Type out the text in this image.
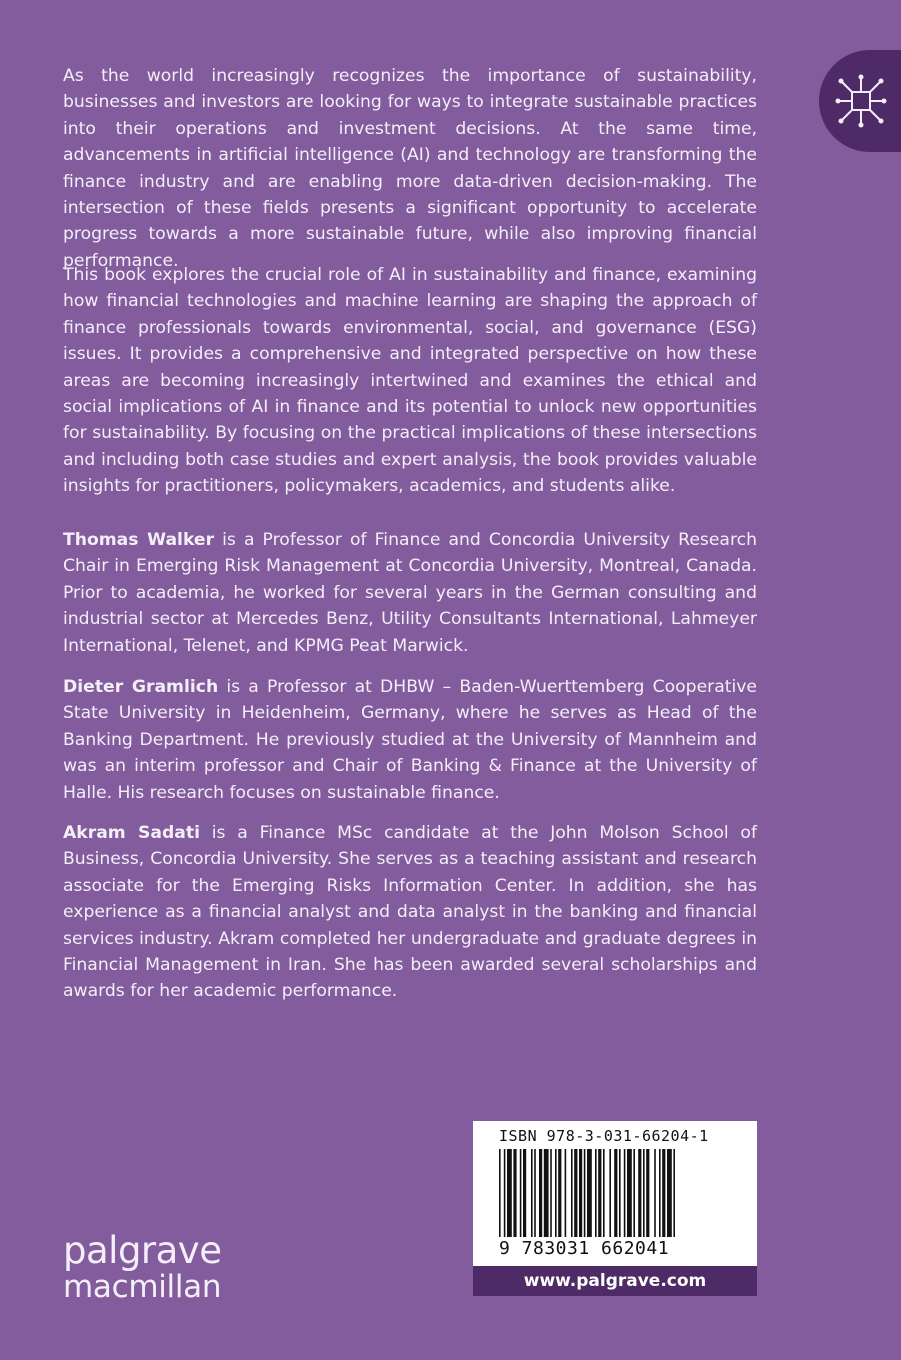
As the world increasingly recognizes the importance of sustainability, businesses and investors are looking for ways to integrate sustainable practices into their operations and investment decisions. At the same time, advancements in artificial intelligence (AI) and technology are transforming the finance industry and are enabling more data-driven decision-making. The intersection of these fields presents a significant opportunity to accelerate progress towards a more sustainable future, while also improving financial performance.

This book explores the crucial role of AI in sustainability and finance, examining how financial technologies and machine learning are shaping the approach of finance professionals towards environmental, social, and governance (ESG) issues. It provides a comprehensive and integrated perspective on how these areas are becoming increasingly intertwined and examines the ethical and social implications of AI in finance and its potential to unlock new opportunities for sustainability. By focusing on the practical implications of these intersections and including both case studies and expert analysis, the book provides valuable insights for practitioners, policymakers, academics, and students alike.

Thomas Walker is a Professor of Finance and Concordia University Research Chair in Emerging Risk Management at Concordia University, Montreal, Canada. Prior to academia, he worked for several years in the German consulting and industrial sector at Mercedes Benz, Utility Consultants International, Lahmeyer International, Telenet, and KPMG Peat Marwick.

Dieter Gramlich is a Professor at DHBW – Baden-Wuerttemberg Cooperative State University in Heidenheim, Germany, where he serves as Head of the Banking Department. He previously studied at the University of Mannheim and was an interim professor and Chair of Banking & Finance at the University of Halle. His research focuses on sustainable finance.

Akram Sadati is a Finance MSc candidate at the John Molson School of Business, Concordia University. She serves as a teaching assistant and research associate for the Emerging Risks Information Center. In addition, she has experience as a financial analyst and data analyst in the banking and financial services industry. Akram completed her undergraduate and graduate degrees in Financial Management in Iran. She has been awarded several scholarships and awards for her academic performance.

palgrave
macmillan
ISBN 978-3-031-66204-1
9 783031 662041
www.palgrave.com
